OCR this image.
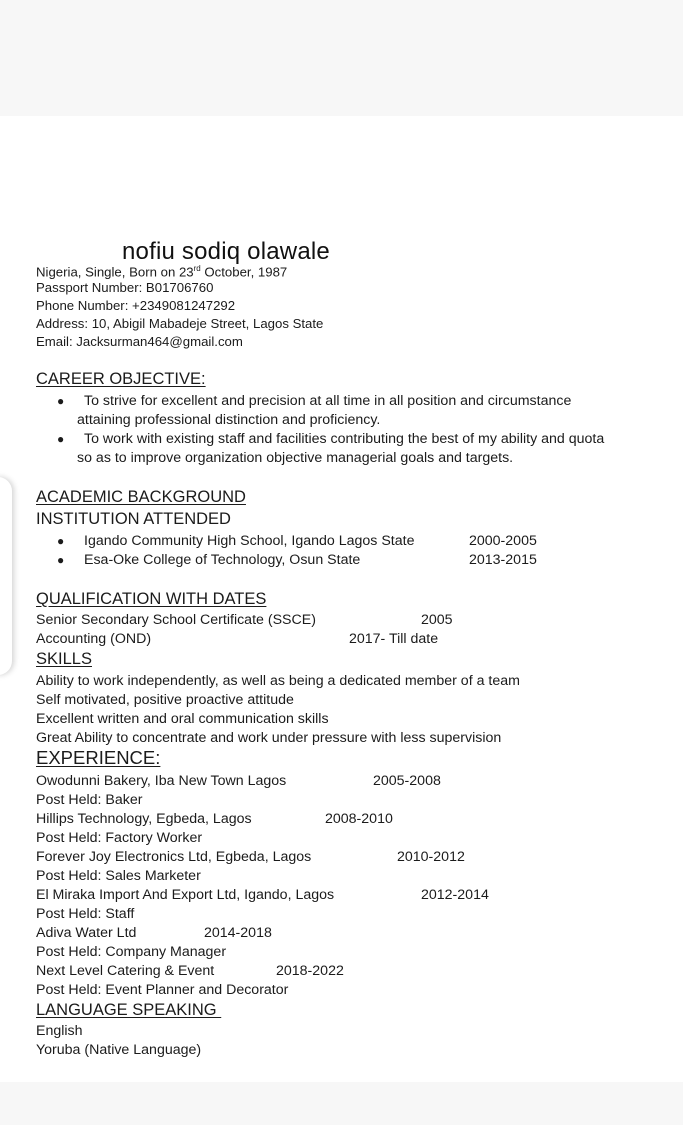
nofiu sodiq olawale
Nigeria, Single, Born on 23rd October, 1987
Passport Number: B01706760
Phone Number: +2349081247292
Address: 10, Abigil Mabadeje Street, Lagos State
Email: Jacksurman464@gmail.com
CAREER OBJECTIVE:
● To strive for excellent and precision at all time in all position and circumstance
attaining professional distinction and proficiency.
● To work with existing staff and facilities contributing the best of my ability and quota
so as to improve organization objective managerial goals and targets.
ACADEMIC BACKGROUND
INSTITUTION ATTENDED
● Igando Community High School, Igando Lagos State	2000-2005
● Esa-Oke College of Technology, Osun State	2013-2015
QUALIFICATION WITH DATES
Senior Secondary School Certificate (SSCE)	2005
Accounting (OND)	2017- Till date
SKILLS
Ability to work independently, as well as being a dedicated member of a team
Self motivated, positive proactive attitude
Excellent written and oral communication skills
Great Ability to concentrate and work under pressure with less supervision
EXPERIENCE:
Owodunni Bakery, Iba New Town Lagos	2005-2008
Post Held: Baker
Hillips Technology, Egbeda, Lagos	2008-2010
Post Held: Factory Worker
Forever Joy Electronics Ltd, Egbeda, Lagos	2010-2012
Post Held: Sales Marketer
El Miraka Import And Export Ltd, Igando, Lagos	2012-2014
Post Held: Staff
Adiva Water Ltd	2014-2018
Post Held: Company Manager
Next Level Catering & Event	2018-2022
Post Held: Event Planner and Decorator
LANGUAGE SPEAKING
English
Yoruba (Native Language)
